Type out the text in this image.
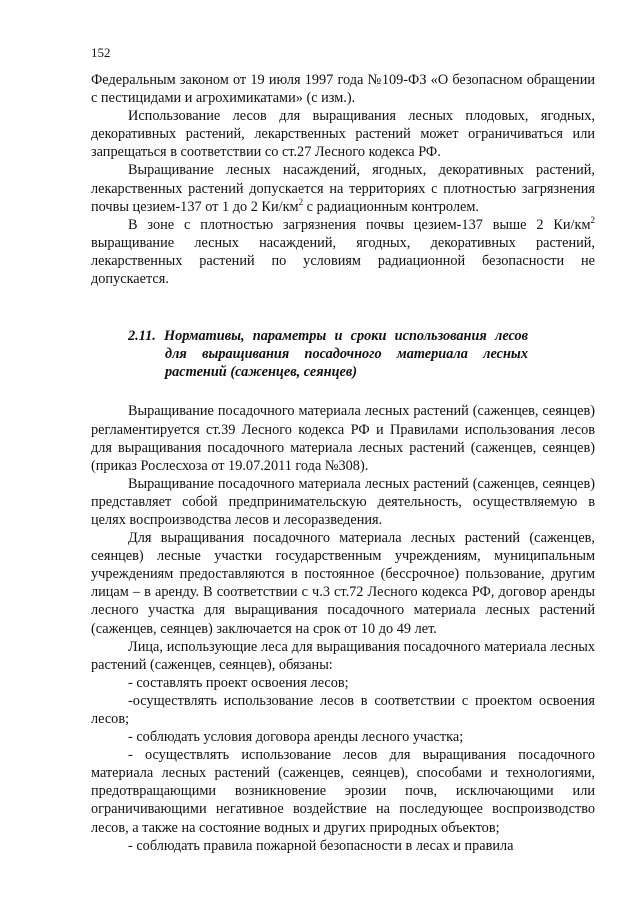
152

Федеральным законом от 19 июля 1997 года №109-ФЗ «О безопасном обращении с пестицидами и агрохимикатами» (с изм.).

Использование лесов для выращивания лесных плодовых, ягодных, декоративных растений, лекарственных растений может ограничиваться или запрещаться в соответствии со ст.27 Лесного кодекса РФ.

Выращивание лесных насаждений, ягодных, декоративных растений, лекарственных растений допускается на территориях с плотностью загрязнения почвы цезием-137 от 1 до 2 $Ки/км^2$ с радиационным контролем.

В зоне с плотностью загрязнения почвы цезием-137 выше 2 $Ки/км^2$ выращивание лесных насаждений, ягодных, декоративных растений, лекарственных растений по условиям радиационной безопасности не допускается.

2.11. Нормативы, параметры и сроки использования лесов
для выращивания посадочного материала лесных
растений (саженцев, сеянцев)

Выращивание посадочного материала лесных растений (саженцев, сеянцев) регламентируется ст.39 Лесного кодекса РФ и Правилами использования лесов для выращивания посадочного материала лесных растений (саженцев, сеянцев) (приказ Рослесхоза от 19.07.2011 года №308).

Выращивание посадочного материала лесных растений (саженцев, сеянцев) представляет собой предпринимательскую деятельность, осуществляемую в целях воспроизводства лесов и лесоразведения.

Для выращивания посадочного материала лесных растений (саженцев, сеянцев) лесные участки государственным учреждениям, муниципальным учреждениям предоставляются в постоянное (бессрочное) пользование, другим лицам – в аренду. В соответствии с ч.3 ст.72 Лесного кодекса РФ, договор аренды лесного участка для выращивания посадочного материала лесных растений (саженцев, сеянцев) заключается на срок от 10 до 49 лет.

Лица, использующие леса для выращивания посадочного материала лесных растений (саженцев, сеянцев), обязаны:

- составлять проект освоения лесов;

-осуществлять использование лесов в соответствии с проектом освоения лесов;

- соблюдать условия договора аренды лесного участка;

- осуществлять использование лесов для выращивания посадочного материала лесных растений (саженцев, сеянцев), способами и технологиями, предотвращающими возникновение эрозии почв, исключающими или ограничивающими негативное воздействие на последующее воспроизводство лесов, а также на состояние водных и других природных объектов;

- соблюдать правила пожарной безопасности в лесах и правила
